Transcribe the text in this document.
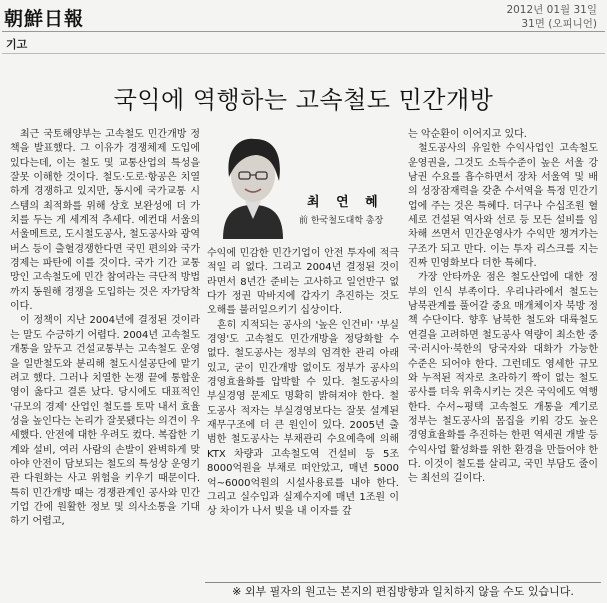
朝鮮日報	2012년 01월 31일
31면 (오피니언)
기고
국익에 역행하는 고속철도 민간개방

최근 국토해양부는 고속철도 민간개방 정책을 발표했다. 그 이유가 경쟁체제 도입에 있다는데, 이는 철도 및 교통산업의 특성을 잘못 이해한 것이다. 철도·도로·항공은 치열하게 경쟁하고 있지만, 동시에 국가교통 시스템의 최적화를 위해 상호 보완성에 더 가치를 두는 게 세계적 추세다. 예컨대 서울의 서울메트로, 도시철도공사, 철도공사와 광역버스 등이 출혈경쟁한다면 국민 편의와 국가경제는 파탄에 이를 것이다. 국가 기간 교통망인 고속철도에 민간 참여라는 극단적 방법까지 동원해 경쟁을 도입하는 것은 자가당착이다.

이 정책이 지난 2004년에 결정된 것이라는 말도 수긍하기 어렵다. 2004년 고속철도 개통을 앞두고 건설교통부는 고속철도 운영을 일반철도와 분리해 철도시설공단에 맡기려고 했다. 그러나 치열한 논쟁 끝에 통합운영이 옳다고 결론 났다. 당시에도 대표적인 '규모의 경제' 산업인 철도를 토막 내서 효율성을 높인다는 논리가 잘못됐다는 의견이 우세했다. 안전에 대한 우려도 컸다. 복잡한 기계와 설비, 여러 사람의 손발이 완벽하게 맞아야 안전이 담보되는 철도의 특성상 운영기관 다원화는 사고 위험을 키우기 때문이다. 특히 민간개방 때는 경쟁관계인 공사와 민간기업 간에 원활한 정보 및 의사소통을 기대하기 어렵고,

최 연 혜
前 한국철도대학 총장

수익에 민감한 민간기업이 안전 투자에 적극적일 리 없다. 그리고 2004년 결정된 것이라면서 8년간 준비는 고사하고 일언반구 없다가 정권 막바지에 갑자기 추진하는 것도 오해를 불러일으키기 십상이다.

흔히 지적되는 공사의 '높은 인건비' '부실경영'도 고속철도 민간개방을 정당화할 수 없다. 철도공사는 정부의 엄격한 관리 아래 있고, 굳이 민간개방 없이도 정부가 공사의 경영효율화를 압박할 수 있다. 철도공사의 부실경영 문제도 명확히 밝혀져야 한다. 철도공사 적자는 부실경영보다는 잘못 설계된 재무구조에 더 큰 원인이 있다. 2005년 출범한 철도공사는 부채관리 수요예측에 의해 KTX 차량과 고속철도역 건설비 등 5조8000억원을 부채로 떠안았고, 매년 5000억~6000억원의 시설사용료를 내야 한다. 그리고 실수입과 실제수지에 매년 1조원 이상 차이가 나서 빚을 내 이자를 갚

는 악순환이 이어지고 있다.

철도공사의 유일한 수익사업인 고속철도 운영권을, 그것도 소득수준이 높은 서울 강남권 수요를 흡수하면서 장차 서울역 및 배의 성장잠재력을 갖춘 수서역을 특정 민간기업에 주는 것은 특혜다. 더구나 수십조원 혈세로 건설된 역사와 선로 등 모든 설비를 임차해 쓰면서 민간운영사가 수익만 챙겨가는 구조가 되고 만다. 이는 투자 리스크를 지는 진짜 민영화보다 더한 특혜다.

가장 안타까운 점은 철도산업에 대한 정부의 인식 부족이다. 우리나라에서 철도는 남북관계를 풀어갈 중요 매개체이자 북방 정책 수단이다. 향후 남북한 철도와 대륙철도 연결을 고려하면 철도공사 역량이 최소한 중국·러시아·북한의 당국자와 대화가 가능한 수준은 되어야 한다. 그런데도 영세한 규모와 누적된 적자로 초라하기 짝이 없는 철도공사를 더욱 위축시키는 것은 국익에도 역행한다. 수서~평택 고속철도 개통을 계기로 정부는 철도공사의 몸집을 키워 강도 높은 경영효율화를 추진하는 한편 역세권 개발 등 수익사업 활성화를 위한 환경을 만들어야 한다. 이것이 철도를 살리고, 국민 부담도 줄이는 최선의 길이다.

※ 외부 필자의 원고는 본지의 편집방향과 일치하지 않을 수도 있습니다.
